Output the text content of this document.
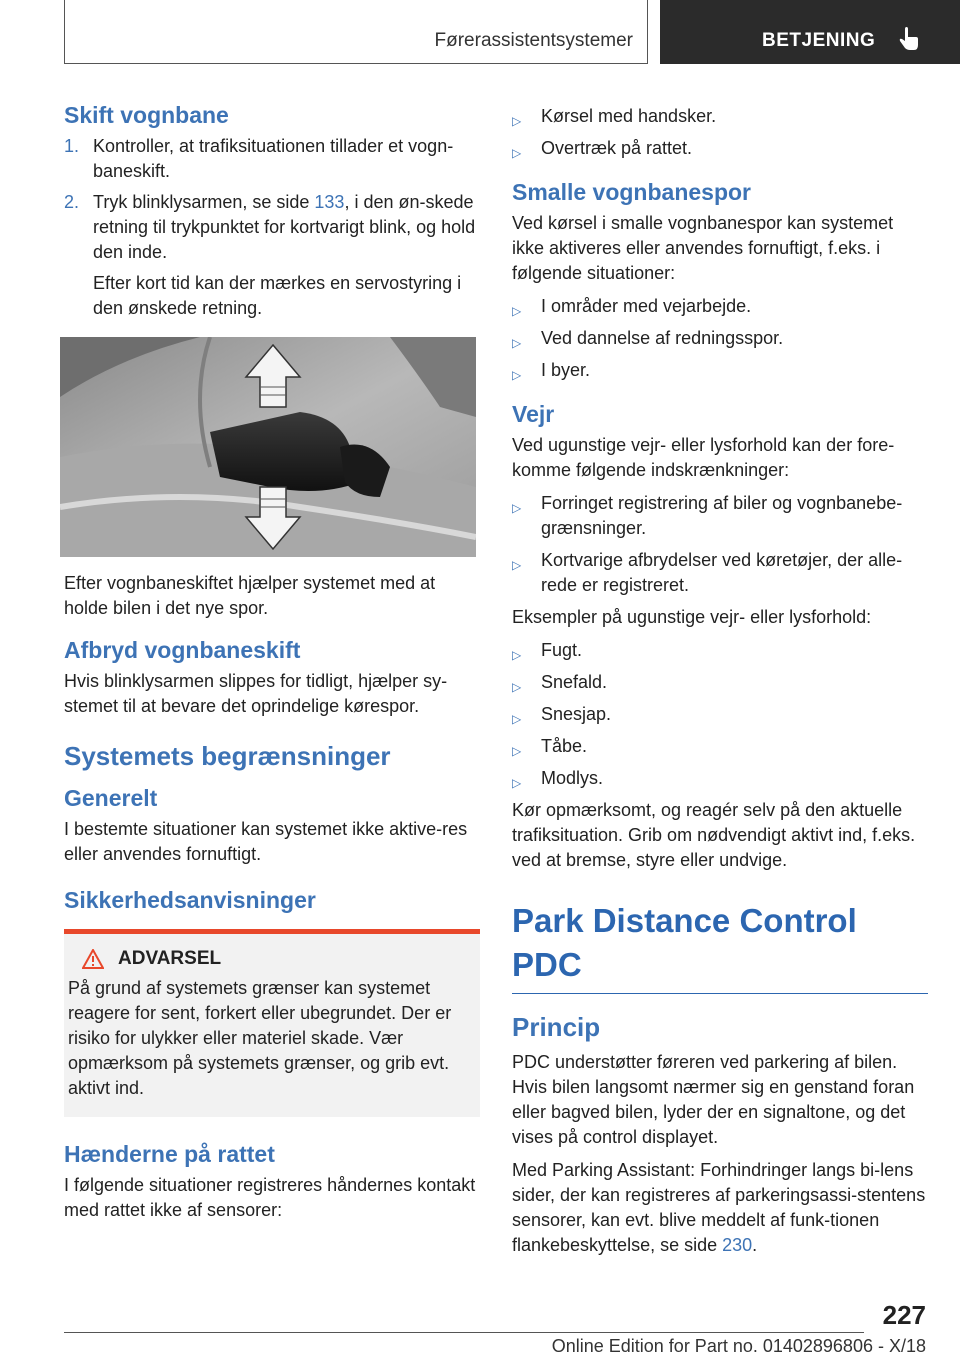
Førerassistentsystemer	BETJENING
Skift vognbane
1. Kontroller, at trafiksituationen tillader et vogn-baneskift.
2. Tryk blinklysarmen, se side 133, i den øn-skede retning til trykpunktet for kortvarigt blink, og hold den inde.
Efter kort tid kan der mærkes en servostyring i den ønskede retning.
Efter vognbaneskiftet hjælper systemet med at holde bilen i det nye spor.
Afbryd vognbaneskift
Hvis blinklysarmen slippes for tidligt, hjælper sy-stemet til at bevare det oprindelige kørespor.
Systemets begrænsninger
Generelt
I bestemte situationer kan systemet ikke aktive-res eller anvendes fornuftigt.
Sikkerhedsanvisninger
ADVARSEL
På grund af systemets grænser kan systemet reagere for sent, forkert eller ubegrundet. Der er risiko for ulykker eller materiel skade. Vær opmærksom på systemets grænser, og grib evt. aktivt ind.
Hænderne på rattet
I følgende situationer registreres håndernes kontakt med rattet ikke af sensorer:
▷ Kørsel med handsker.
▷ Overtræk på rattet.
Smalle vognbanespor
Ved kørsel i smalle vognbanespor kan systemet ikke aktiveres eller anvendes fornuftigt, f.eks. i følgende situationer:
▷ I områder med vejarbejde.
▷ Ved dannelse af redningsspor.
▷ I byer.
Vejr
Ved ugunstige vejr- eller lysforhold kan der fore-komme følgende indskrænkninger:
▷ Forringet registrering af biler og vognbanebe-grænsninger.
▷ Kortvarige afbrydelser ved køretøjer, der alle-rede er registreret.
Eksempler på ugunstige vejr- eller lysforhold:
▷ Fugt.
▷ Snefald.
▷ Snesjap.
▷ Tåbe.
▷ Modlys.
Kør opmærksomt, og reagér selv på den aktuelle trafiksituation. Grib om nødvendigt aktivt ind, f.eks. ved at bremse, styre eller undvige.
Park Distance Control PDC
Princip
PDC understøtter føreren ved parkering af bilen. Hvis bilen langsomt nærmer sig en genstand foran eller bagved bilen, lyder der en signaltone, og det vises på control displayet.
Med Parking Assistant: Forhindringer langs bi-lens sider, der kan registreres af parkeringsassi-stentens sensorer, kan evt. blive meddelt af funk-tionen flankebeskyttelse, se side 230.
227
Online Edition for Part no. 01402896806 - X/18
